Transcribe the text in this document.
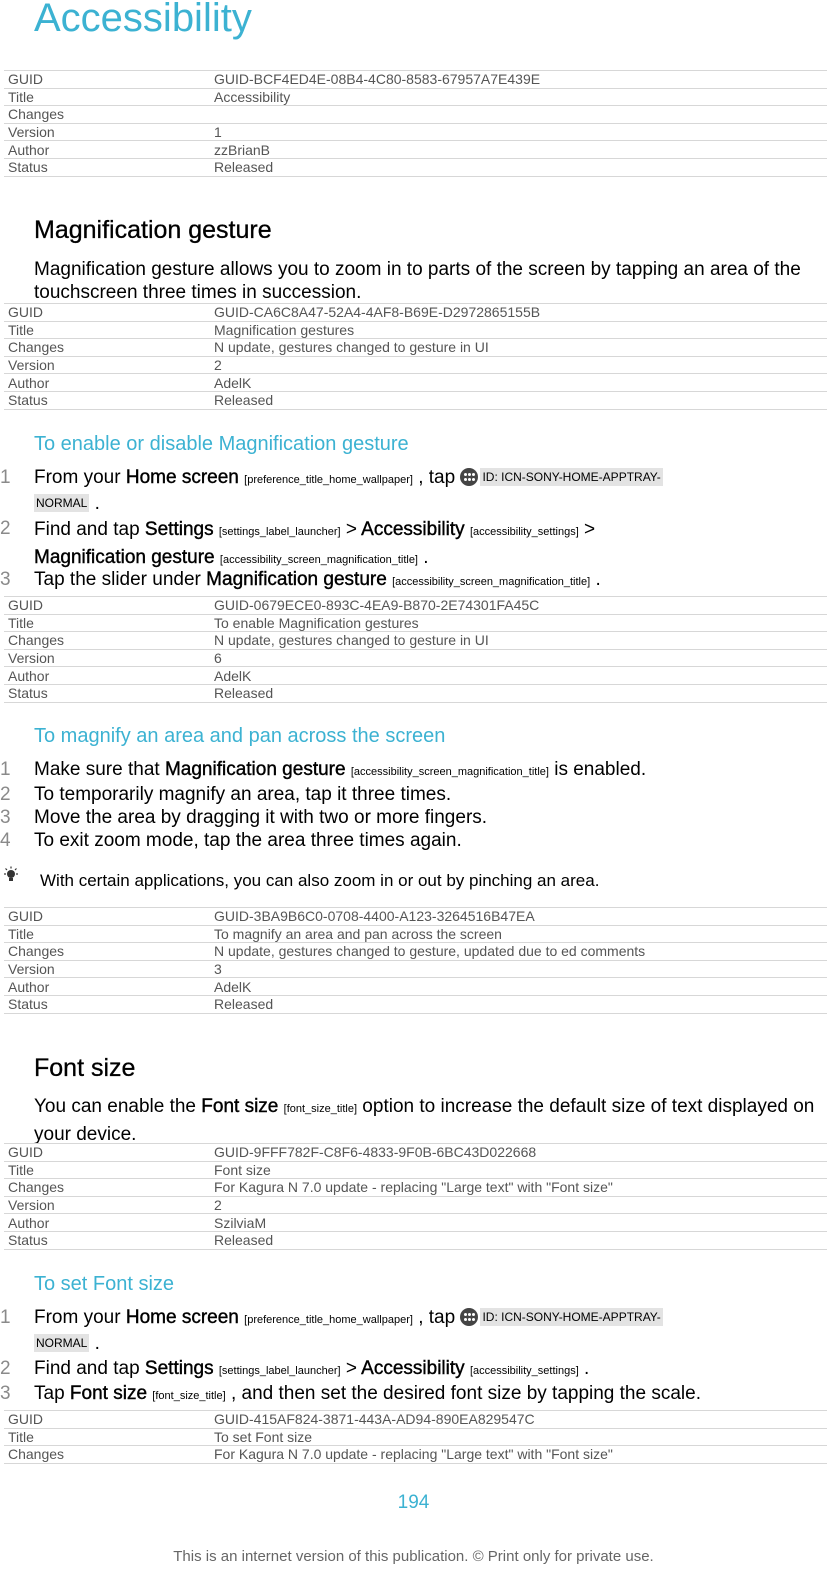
Accessibility
GUID	GUID-BCF4ED4E-08B4-4C80-8583-67957A7E439E
Title	Accessibility
Changes	
Version	1
Author	zzBrianB
Status	Released
Magnification gesture

Magnification gesture allows you to zoom in to parts of the screen by tapping an area of the touchscreen three times in succession.

GUID	GUID-CA6C8A47-52A4-4AF8-B69E-D2972865155B
Title	Magnification gestures
Changes	N update, gestures changed to gesture in UI
Version	2
Author	AdelK
Status	Released
To enable or disable Magnification gesture
1 From your Home screen [preference_title_home_wallpaper] , tap
ID: ICN-SONY-HOME-APPTRAY-
NORMAL .
2 Find and tap Settings [settings_label_launcher] > Accessibility [accessibility_settings] >
Magnification gesture [accessibility_screen_magnification_title] .
3 Tap the slider under Magnification gesture [accessibility_screen_magnification_title] .
GUID	GUID-0679ECE0-893C-4EA9-B870-2E74301FA45C
Title	To enable Magnification gestures
Changes	N update, gestures changed to gesture in UI
Version	6
Author	AdelK
Status	Released
To magnify an area and pan across the screen
1 Make sure that Magnification gesture [accessibility_screen_magnification_title] is enabled.
2 To temporarily magnify an area, tap it three times.
3 Move the area by dragging it with two or more fingers.
4 To exit zoom mode, tap the area three times again.
With certain applications, you can also zoom in or out by pinching an area.
GUID	GUID-3BA9B6C0-0708-4400-A123-3264516B47EA
Title	To magnify an area and pan across the screen
Changes	N update, gestures changed to gesture, updated due to ed comments
Version	3
Author	AdelK
Status	Released
Font size

You can enable the Font size [font_size_title] option to increase the default size of text displayed on your device.

GUID	GUID-9FFF782F-C8F6-4833-9F0B-6BC43D022668
Title	Font size
Changes	For Kagura N 7.0 update - replacing "Large text" with "Font size"
Version	2
Author	SzilviaM
Status	Released
To set Font size
1 From your Home screen [preference_title_home_wallpaper] , tap
ID: ICN-SONY-HOME-APPTRAY-
NORMAL .
2 Find and tap Settings [settings_label_launcher] > Accessibility [accessibility_settings] .
3 Tap Font size [font_size_title] , and then set the desired font size by tapping the scale.
GUID	GUID-415AF824-3871-443A-AD94-890EA829547C
Title	To set Font size
Changes	For Kagura N 7.0 update - replacing "Large text" with "Font size"
194
This is an internet version of this publication. © Print only for private use.
